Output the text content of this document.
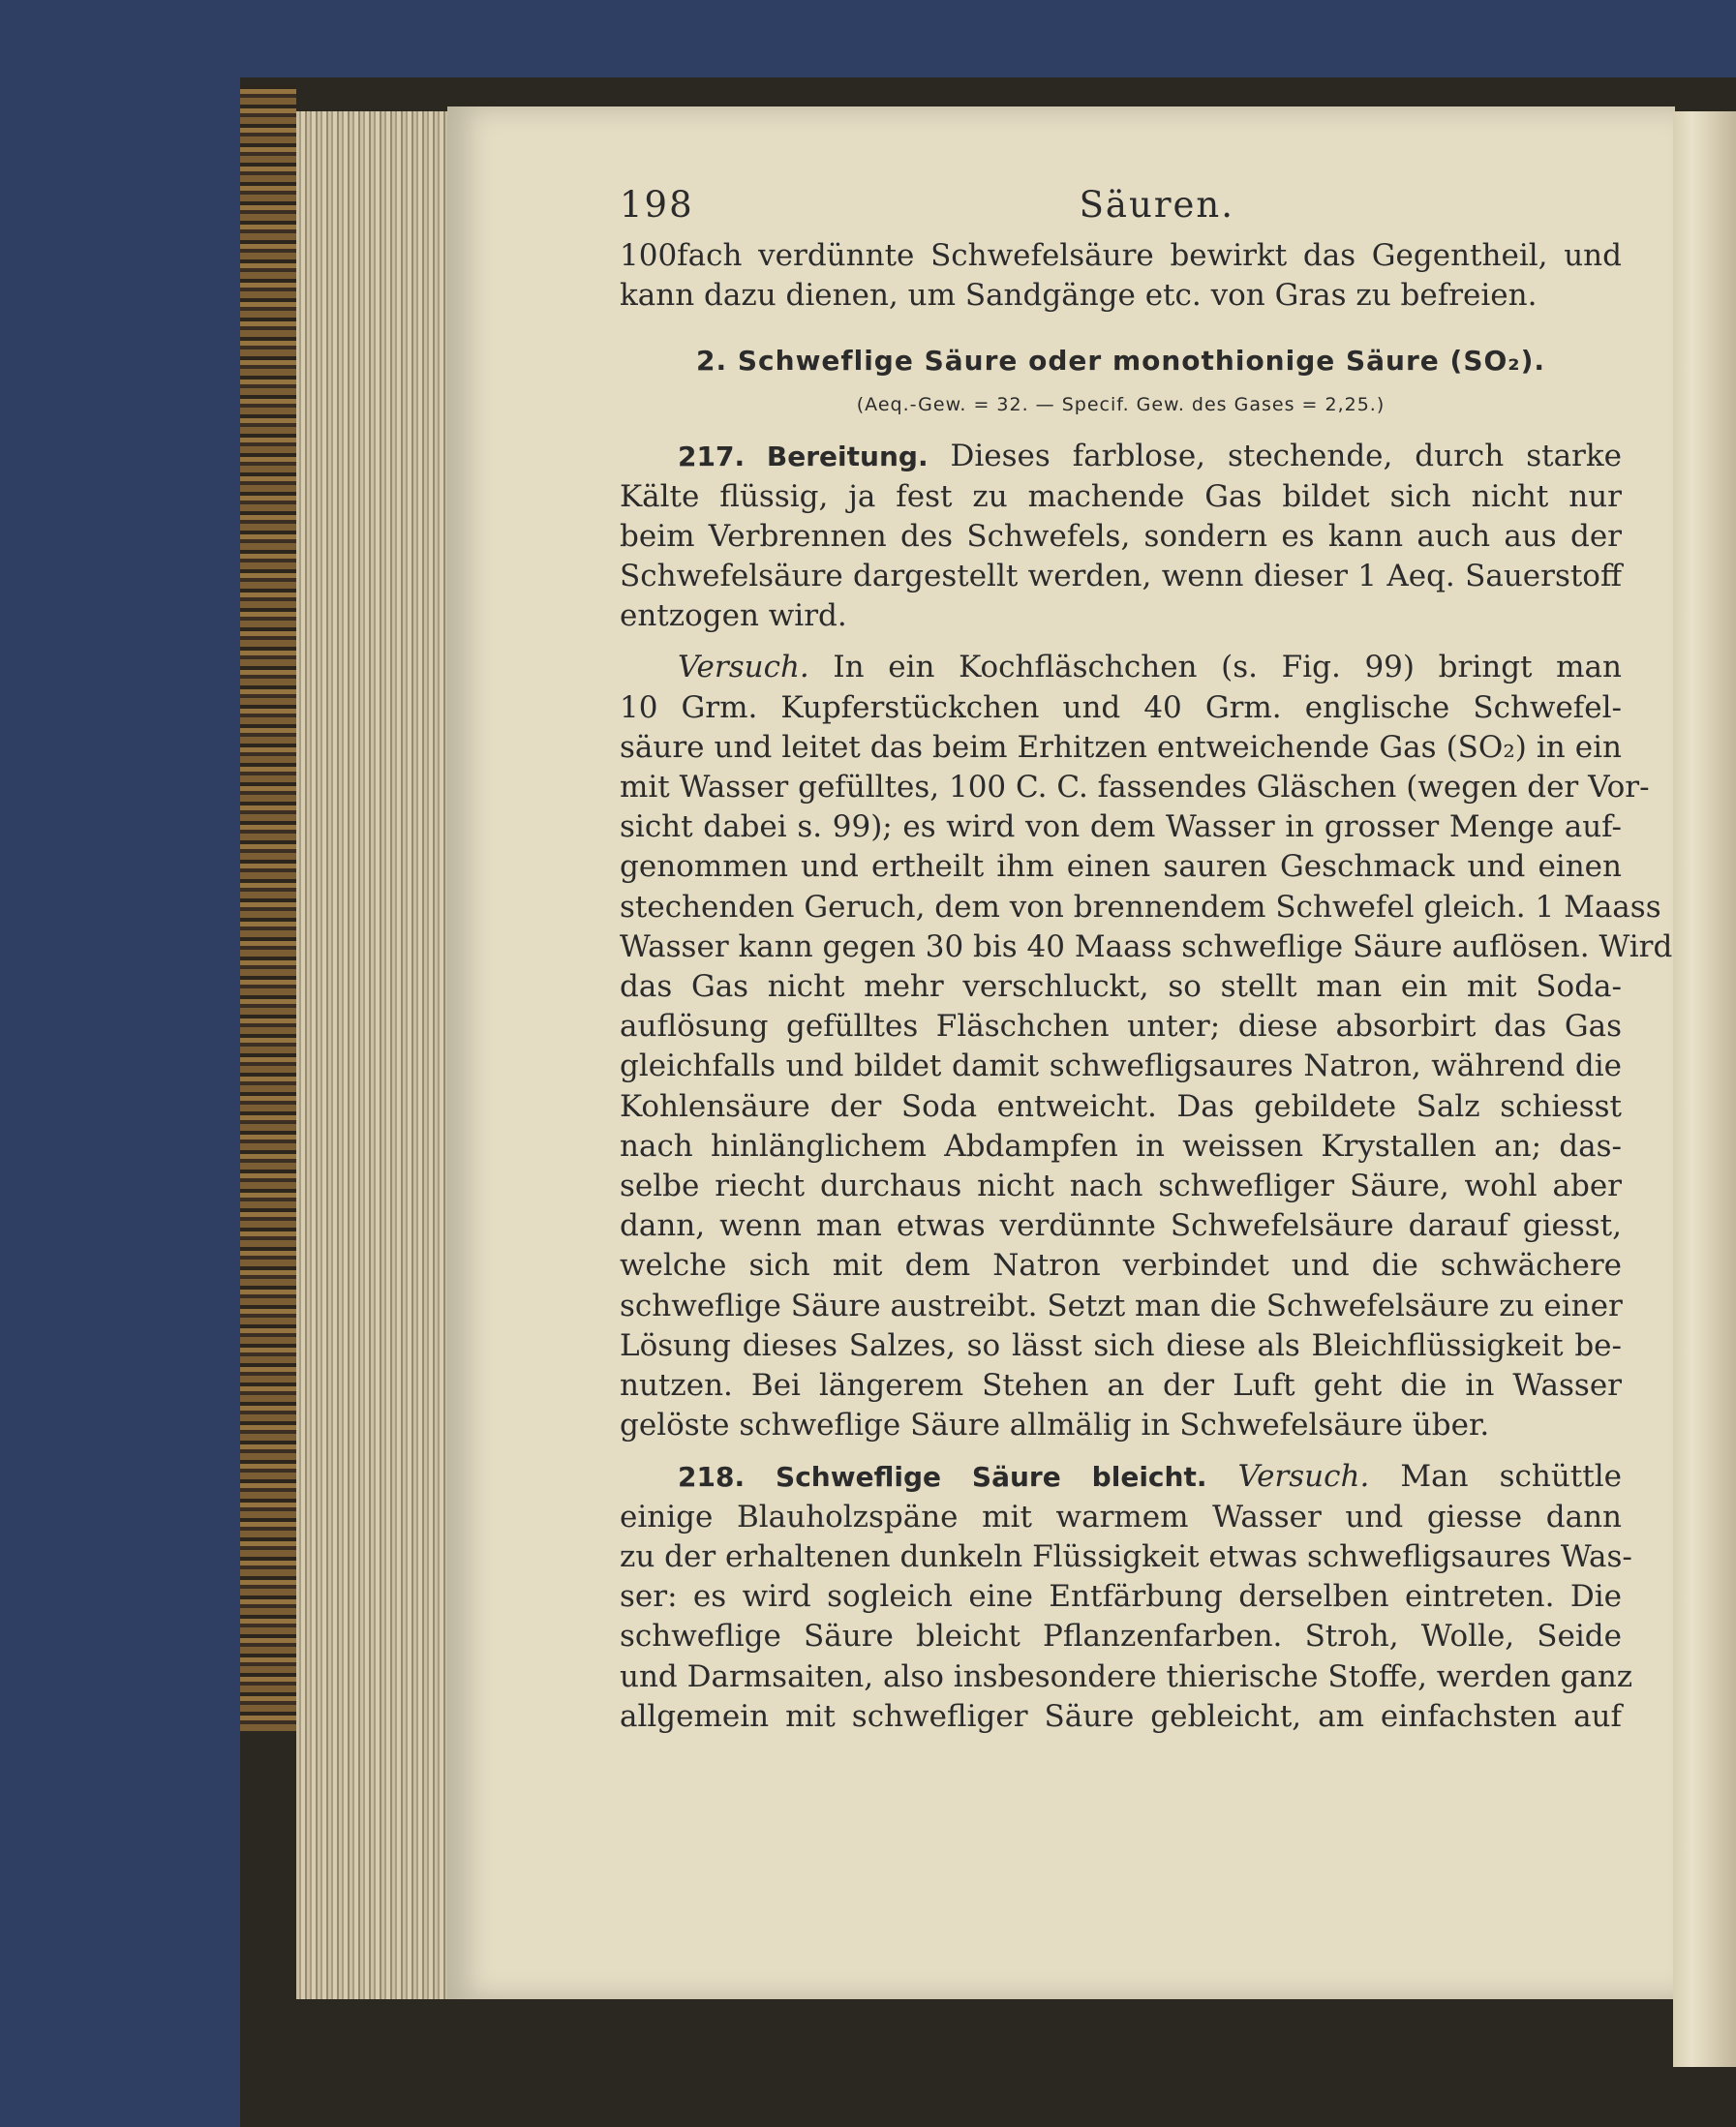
198	Säuren.
100fach verdünnte Schwefelsäure bewirkt das Gegentheil, und
kann dazu dienen, um Sandgänge etc. von Gras zu befreien.
2. Schweflige Säure oder monothionige Säure (SO₂).
(Aeq.-Gew. = 32. — Specif. Gew. des Gases = 2,25.)
217. Bereitung. Dieses farblose, stechende, durch starke
Kälte flüssig, ja fest zu machende Gas bildet sich nicht nur
beim Verbrennen des Schwefels, sondern es kann auch aus der
Schwefelsäure dargestellt werden, wenn dieser 1 Aeq. Sauerstoff
entzogen wird.
Versuch. In ein Kochfläschchen (s. Fig. 99) bringt man
10 Grm. Kupferstückchen und 40 Grm. englische Schwefel-
säure und leitet das beim Erhitzen entweichende Gas (SO₂) in ein
mit Wasser gefülltes, 100 C. C. fassendes Gläschen (wegen der Vor-
sicht dabei s. 99); es wird von dem Wasser in grosser Menge auf-
genommen und ertheilt ihm einen sauren Geschmack und einen
stechenden Geruch, dem von brennendem Schwefel gleich. 1 Maass
Wasser kann gegen 30 bis 40 Maass schweflige Säure auflösen. Wird
das Gas nicht mehr verschluckt, so stellt man ein mit Soda-
auflösung gefülltes Fläschchen unter; diese absorbirt das Gas
gleichfalls und bildet damit schwefligsaures Natron, während die
Kohlensäure der Soda entweicht. Das gebildete Salz schiesst
nach hinlänglichem Abdampfen in weissen Krystallen an; das-
selbe riecht durchaus nicht nach schwefliger Säure, wohl aber
dann, wenn man etwas verdünnte Schwefelsäure darauf giesst,
welche sich mit dem Natron verbindet und die schwächere
schweflige Säure austreibt. Setzt man die Schwefelsäure zu einer
Lösung dieses Salzes, so lässt sich diese als Bleichflüssigkeit be-
nutzen. Bei längerem Stehen an der Luft geht die in Wasser
gelöste schweflige Säure allmälig in Schwefelsäure über.
218. Schweflige Säure bleicht. Versuch. Man schüttle
einige Blauholzspäne mit warmem Wasser und giesse dann
zu der erhaltenen dunkeln Flüssigkeit etwas schwefligsaures Was-
ser: es wird sogleich eine Entfärbung derselben eintreten. Die
schweflige Säure bleicht Pflanzenfarben. Stroh, Wolle, Seide
und Darmsaiten, also insbesondere thierische Stoffe, werden ganz
allgemein mit schwefliger Säure gebleicht, am einfachsten auf
